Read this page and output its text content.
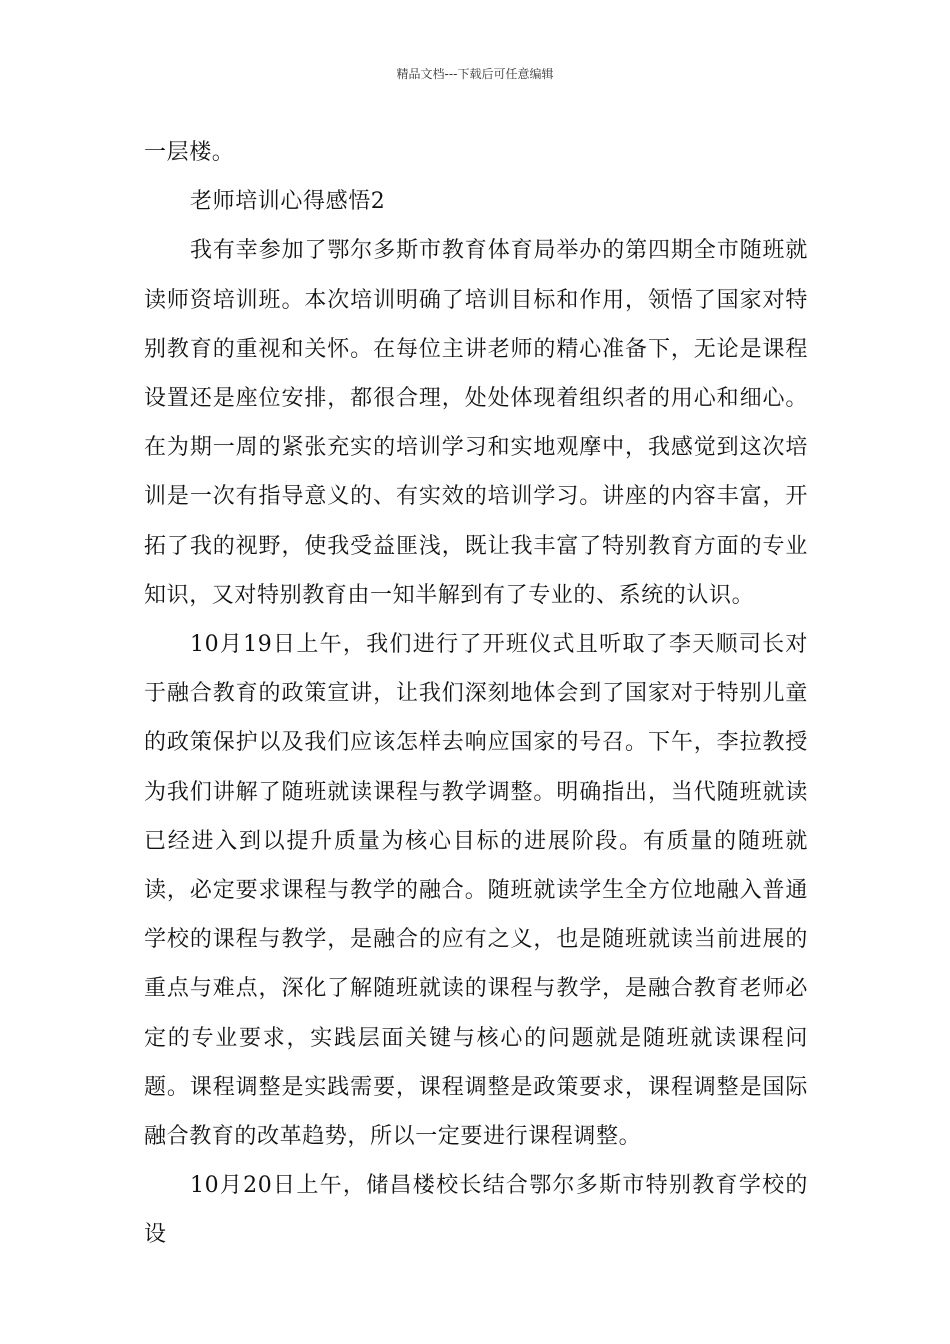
精品文档---下载后可任意编辑

一层楼。

老师培训心得感悟2

我有幸参加了鄂尔多斯市教育体育局举办的第四期全市随班就读师资培训班。本次培训明确了培训目标和作用，领悟了国家对特别教育的重视和关怀。在每位主讲老师的精心准备下，无论是课程设置还是座位安排，都很合理，处处体现着组织者的用心和细心。在为期一周的紧张充实的培训学习和实地观摩中，我感觉到这次培训是一次有指导意义的、有实效的培训学习。讲座的内容丰富，开拓了我的视野，使我受益匪浅，既让我丰富了特别教育方面的专业知识，又对特别教育由一知半解到有了专业的、系统的认识。

10月19日上午，我们进行了开班仪式且听取了李天顺司长对于融合教育的政策宣讲，让我们深刻地体会到了国家对于特别儿童的政策保护以及我们应该怎样去响应国家的号召。下午，李拉教授为我们讲解了随班就读课程与教学调整。明确指出，当代随班就读已经进入到以提升质量为核心目标的进展阶段。有质量的随班就读，必定要求课程与教学的融合。随班就读学生全方位地融入普通学校的课程与教学，是融合的应有之义，也是随班就读当前进展的重点与难点，深化了解随班就读的课程与教学，是融合教育老师必定的专业要求，实践层面关键与核心的问题就是随班就读课程问题。课程调整是实践需要，课程调整是政策要求，课程调整是国际融合教育的改革趋势，所以一定要进行课程调整。

10月20日上午，储昌楼校长结合鄂尔多斯市特别教育学校的设
